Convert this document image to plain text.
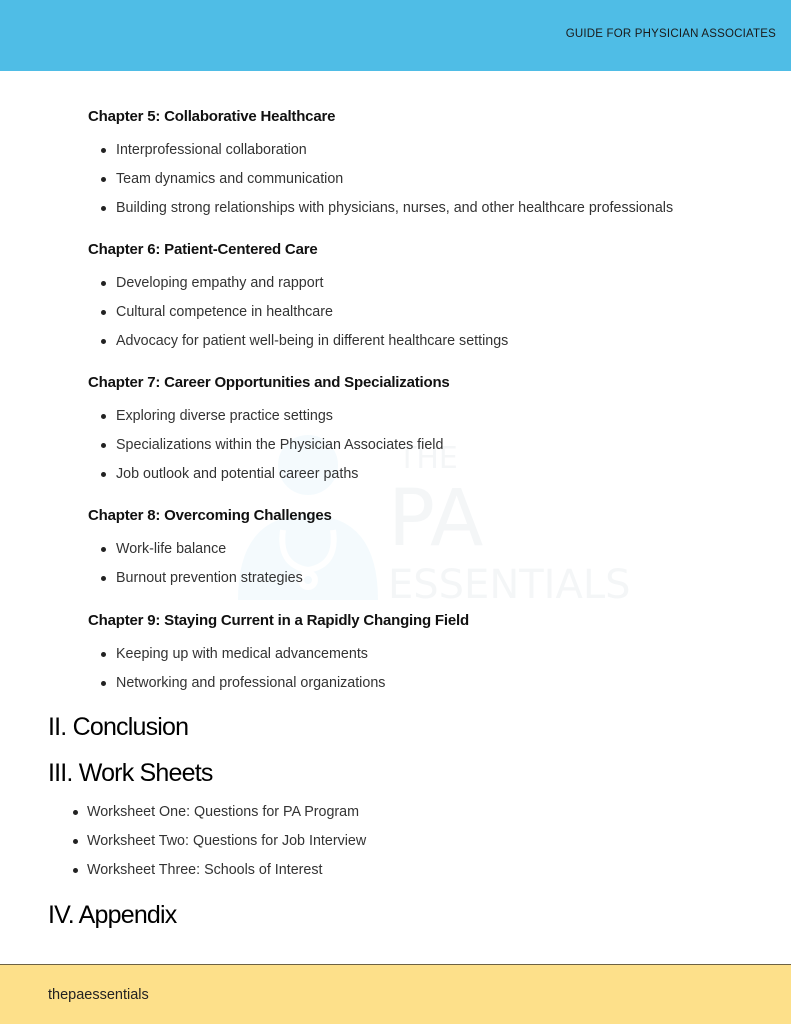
GUIDE FOR PHYSICIAN ASSOCIATES
THE
PA
ESSENTIALS
Chapter 5: Collaborative Healthcare
Interprofessional collaboration
Team dynamics and communication
Building strong relationships with physicians, nurses, and other healthcare professionals
Chapter 6: Patient-Centered Care
Developing empathy and rapport
Cultural competence in healthcare
Advocacy for patient well-being in different healthcare settings
Chapter 7: Career Opportunities and Specializations
Exploring diverse practice settings
Specializations within the Physician Associates field
Job outlook and potential career paths
Chapter 8: Overcoming Challenges
Work-life balance
Burnout prevention strategies
Chapter 9: Staying Current in a Rapidly Changing Field
Keeping up with medical advancements
Networking and professional organizations
II. Conclusion
III. Work Sheets
Worksheet One: Questions for PA Program
Worksheet Two: Questions for Job Interview
Worksheet Three: Schools of Interest
IV. Appendix
thepaessentials
